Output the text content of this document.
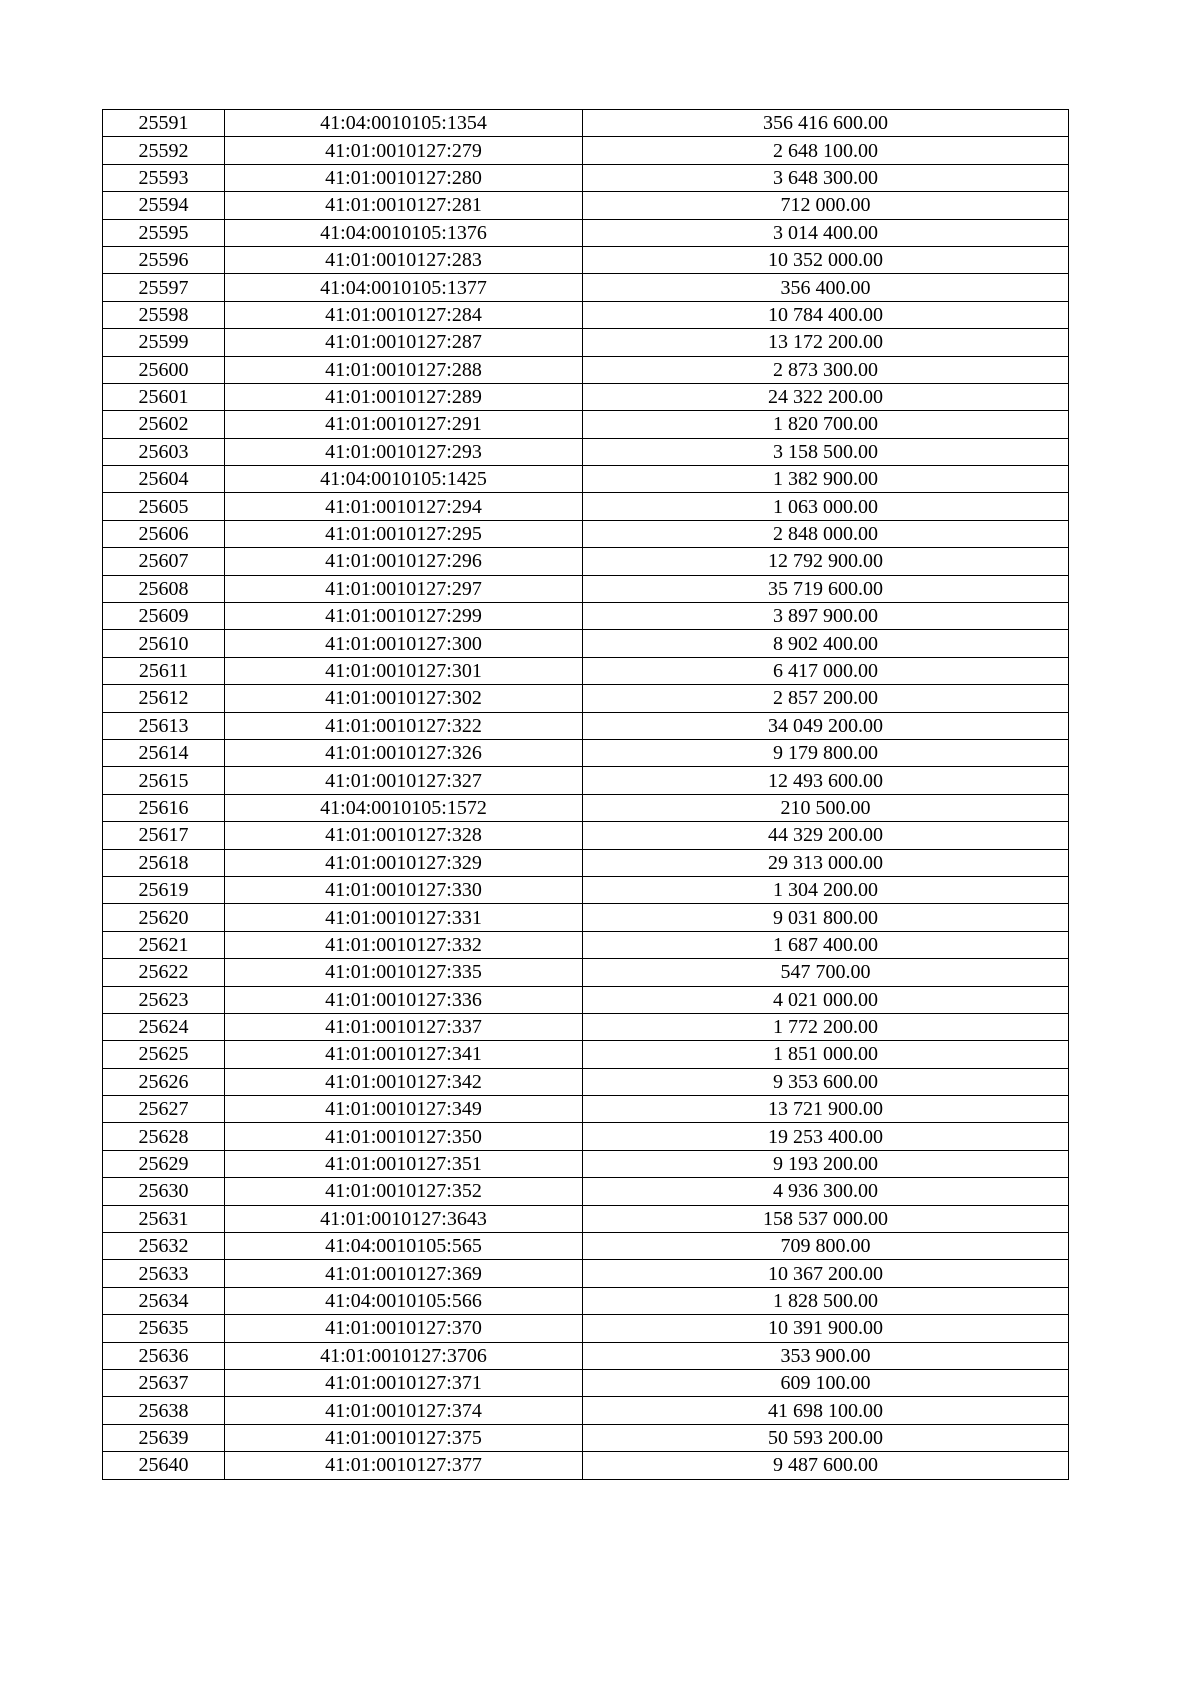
25591	41:04:0010105:1354	356 416 600.00
25592	41:01:0010127:279	2 648 100.00
25593	41:01:0010127:280	3 648 300.00
25594	41:01:0010127:281	712 000.00
25595	41:04:0010105:1376	3 014 400.00
25596	41:01:0010127:283	10 352 000.00
25597	41:04:0010105:1377	356 400.00
25598	41:01:0010127:284	10 784 400.00
25599	41:01:0010127:287	13 172 200.00
25600	41:01:0010127:288	2 873 300.00
25601	41:01:0010127:289	24 322 200.00
25602	41:01:0010127:291	1 820 700.00
25603	41:01:0010127:293	3 158 500.00
25604	41:04:0010105:1425	1 382 900.00
25605	41:01:0010127:294	1 063 000.00
25606	41:01:0010127:295	2 848 000.00
25607	41:01:0010127:296	12 792 900.00
25608	41:01:0010127:297	35 719 600.00
25609	41:01:0010127:299	3 897 900.00
25610	41:01:0010127:300	8 902 400.00
25611	41:01:0010127:301	6 417 000.00
25612	41:01:0010127:302	2 857 200.00
25613	41:01:0010127:322	34 049 200.00
25614	41:01:0010127:326	9 179 800.00
25615	41:01:0010127:327	12 493 600.00
25616	41:04:0010105:1572	210 500.00
25617	41:01:0010127:328	44 329 200.00
25618	41:01:0010127:329	29 313 000.00
25619	41:01:0010127:330	1 304 200.00
25620	41:01:0010127:331	9 031 800.00
25621	41:01:0010127:332	1 687 400.00
25622	41:01:0010127:335	547 700.00
25623	41:01:0010127:336	4 021 000.00
25624	41:01:0010127:337	1 772 200.00
25625	41:01:0010127:341	1 851 000.00
25626	41:01:0010127:342	9 353 600.00
25627	41:01:0010127:349	13 721 900.00
25628	41:01:0010127:350	19 253 400.00
25629	41:01:0010127:351	9 193 200.00
25630	41:01:0010127:352	4 936 300.00
25631	41:01:0010127:3643	158 537 000.00
25632	41:04:0010105:565	709 800.00
25633	41:01:0010127:369	10 367 200.00
25634	41:04:0010105:566	1 828 500.00
25635	41:01:0010127:370	10 391 900.00
25636	41:01:0010127:3706	353 900.00
25637	41:01:0010127:371	609 100.00
25638	41:01:0010127:374	41 698 100.00
25639	41:01:0010127:375	50 593 200.00
25640	41:01:0010127:377	9 487 600.00
